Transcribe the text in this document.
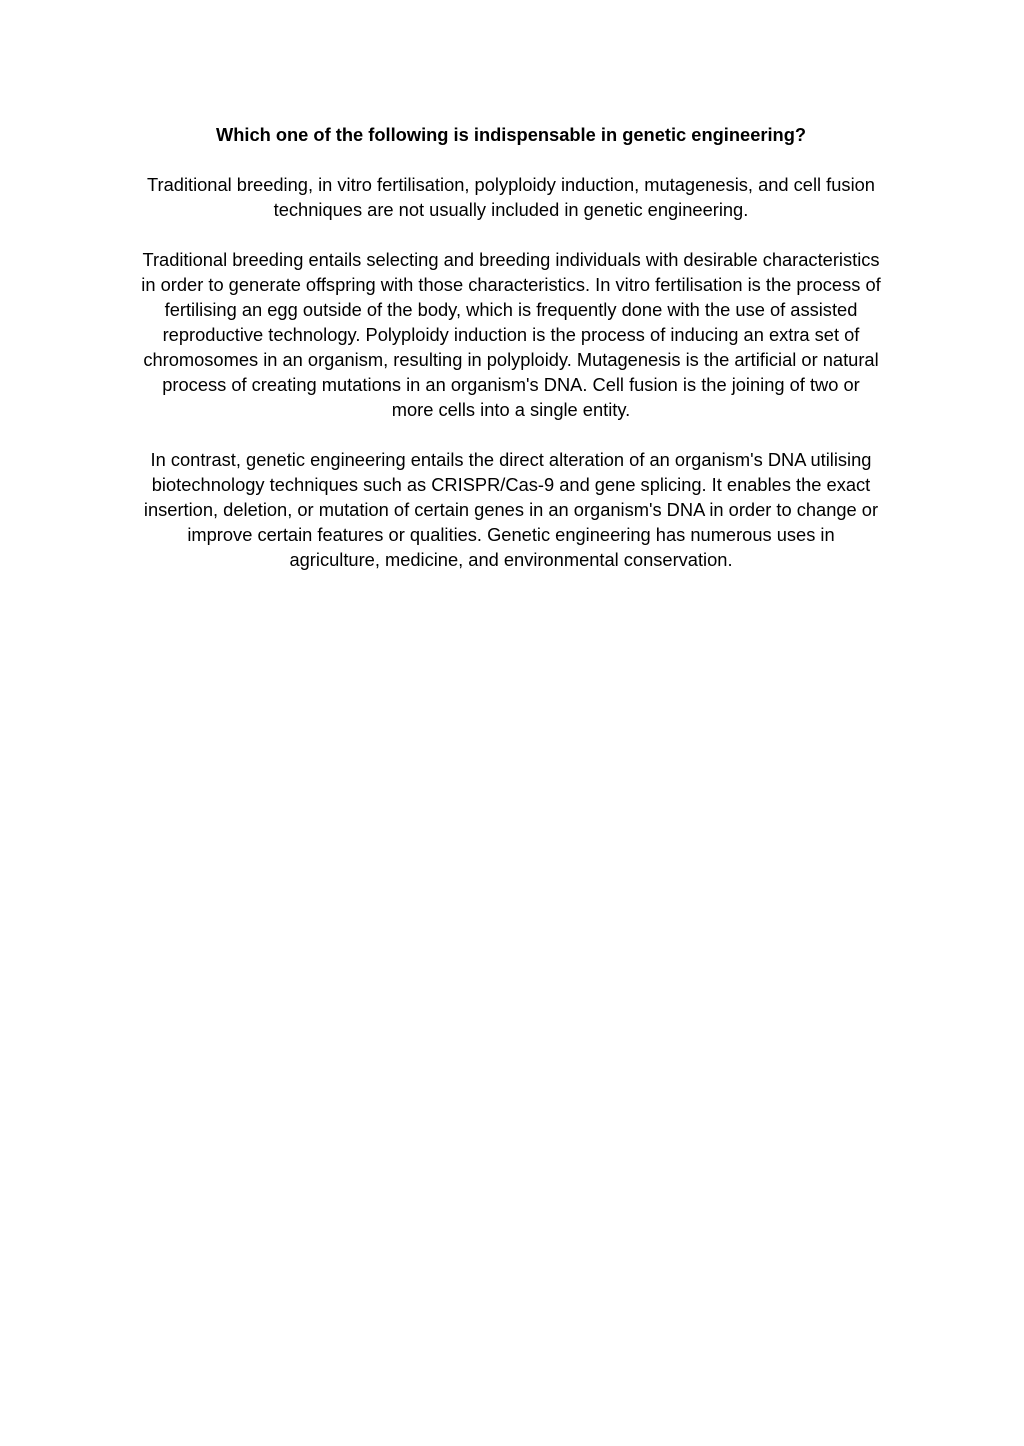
Which one of the following is indispensable in genetic engineering?

Traditional breeding, in vitro fertilisation, polyploidy induction, mutagenesis, and cell fusion techniques are not usually included in genetic engineering.

Traditional breeding entails selecting and breeding individuals with desirable characteristics in order to generate offspring with those characteristics. In vitro fertilisation is the process of fertilising an egg outside of the body, which is frequently done with the use of assisted reproductive technology. Polyploidy induction is the process of inducing an extra set of chromosomes in an organism, resulting in polyploidy. Mutagenesis is the artificial or natural process of creating mutations in an organism's DNA. Cell fusion is the joining of two or more cells into a single entity.

In contrast, genetic engineering entails the direct alteration of an organism's DNA utilising biotechnology techniques such as CRISPR/Cas-9 and gene splicing. It enables the exact insertion, deletion, or mutation of certain genes in an organism's DNA in order to change or improve certain features or qualities. Genetic engineering has numerous uses in agriculture, medicine, and environmental conservation.
